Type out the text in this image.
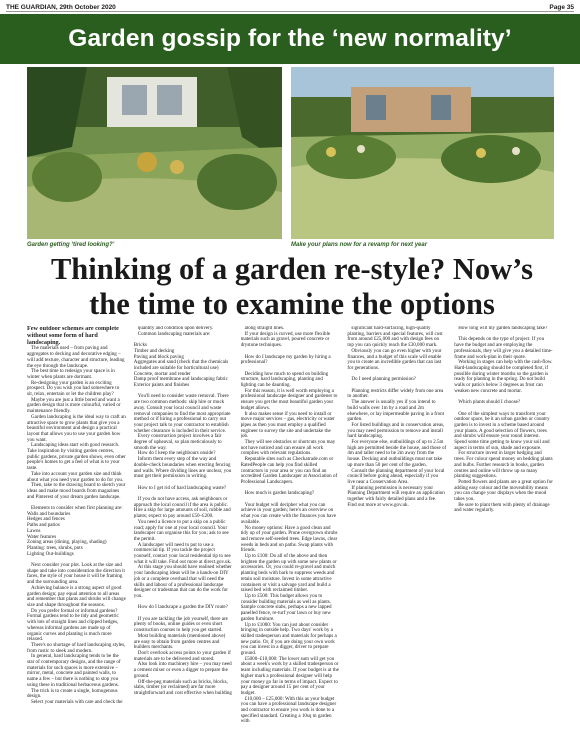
THE GUARDIAN, 29th October 2020	Page 35
Garden gossip for the ‘new normality’
Garden getting ‘tired looking?’	Make your plans now for a revamp for next year
Thinking of a garden re-style? Now’s the time to examine the options

Few outdoor schemes are complete without some form of hard landscaping.

The materials used – from paving and aggregates to decking and decorative edging – will add texture, character and structure, leading the eye through the landscape.

The best time to redesign your space is in winter when plants are dormant.

Re-designing your garden is an exciting prospect. Do you wish you had somewhere to sit, relax, entertain or let the children play?

Maybe you are just a little bored and want a garden design that is more colourful, varied or maintenance friendly.

Garden landscaping is the ideal way to craft an attractive space to grow plants that give you a beautiful environment and design a practical layout that allows you to use your garden how you want.

Landscaping ideas start with good research. Take inspiration by visiting garden centres, public gardens, private garden shows, even other people's homes to get a feel of what is to your taste.

Take into account your garden size and think about what you need your garden to do for you.

Then, take to the drawing board to sketch your ideas and make mood boards from magazines and Pinterest of your dream garden landscape.

Elements to consider when first planning are:

Walls and boundaries

Hedges and fences

Paths and patios

Lawns

Water features

Zoning areas (dining, playing, shading)

Planting: trees, shrubs, pots

Lighting Out-buildings

Next consider your plot. Look at the size and shape and take into consideration the direction it faces, the style of your house it will be framing and the surrounding area.

Achieving balance is a strong aspect of good garden design; pay equal attention to all areas and remember that plants and shrubs will change size and shape throughout the seasons.

Do you prefer formal or informal gardens? Formal gardens tend to be tidy and geometric with lots of straight lines and clipped hedges, whereas informal gardens are made up of organic curves and planting is much more relaxed.

There's no shortage of hard landscaping styles, from rustic to sleek and modern.

In general, hard landscaping tends to be the star of contemporary designs, and the range of materials for such spaces is more extensive – mirror, metal, concrete and painted walls, to name a few – but there is nothing to stop you using these in traditional herbaceous gardens.

The trick is to create a single, homogenous design.

Select your materials with care and check the

quantity and condition upon delivery.

Common landscaping materials are:

Bricks

Timber and decking

Paving and block paving

Aggregates and sand (check that the chemicals included are suitable for horticultural use)

Concrete, mortar and render

Damp proof membrane and landscaping fabric

Exterior paints and finishes

You'll need to consider waste removal. There are two common methods: skip hire or muck away. Consult your local council and waste removal companies to find the most appropriate method or if hiring a professional to carry out your project talk to your contractor to establish whether clearance is included in their service.

Every construction project involves a fair degree of upheaval, so plan meticulously to smooth the way.

How do I keep the neighbours onside?

Inform them every step of the way and double-check boundaries when erecting fencing and walls. Where dividing lines are unclear, you must get their permission in writing.

How to I get rid of hard landscaping waste?

If you do not have access, ask neighbours or approach the local council if the area is public. Hire a skip for large amounts of soil, rubble and plants; expect to pay around £50–£200.

You need a licence to put a skip on a public road; apply for one at your local council. Your landscaper can organise this for you; ask to see the permit.

A landscaper will need to put to use a commercial tip. If you tackle the project yourself, contact your local residential tip to see what it will take. Find out more at direct.gov.uk.

At this stage you should have realised whether your landscaping ideas will be a hands-on DIY job or a complete overhaul that will need the skills and labour of a professional landscape designer or tradesman that can do the work for you.

How do I landscape a garden the DIY route?

If you are tackling the job yourself, there are plenty of books, online guides or even short construction courses to help you get started.

Most building materials (mentioned above) are easy to obtain from garden centres and builders merchants.

Don't overlook access points to your garden if materials are to be delivered and stored.

Also look into machinery hire – you may need a cement mixer or even a digger to prepare the ground.

Off-the-peg materials such as bricks, blocks, slabs, timber (or reclaimed) are far more straightforward and cost effective when building

along straight lines.

If your design is curved, use more flexible materials such as gravel, poured concrete or drystone techniques.

How do I landscape my garden by hiring a professional?

Deciding how much to spend on building structure, hard landscaping, planting and lighting can be daunting.

For this reason, it is well worth employing a professional landscape designer and gardener to ensure you get the most beautiful garden your budget allows.

It also makes sense if you need to install or move major services – gas, electricity or water pipes as then you must employ a qualified engineer to survey the site and undertake the job.

They will see obstacles or shortcuts you may not have noticed and can ensure all work complies with relevant regulations.

Reputable sites such as Checkatrade.com or RatedPeople can help you find skilled contractors in your area or you can find an accredited Garden Landscaper at Association of Professional Landscapers.

How much is garden landscaping?

Your budget will decipher what you can achieve in your garden; here's an overview on what you can create with the finances you have available.

No money options: Have a good clean and tidy up of your garden. Prune overgrown shrubs and remove self-seeded trees. Edge lawns, clear weeds in beds and on paths. Swap plants with friends.

Up to £100: Do all of the above and then brighten the garden up with some new plants or accessories. Or, you could re-gravel and mulch planting beds with bark to suppress weeds and retain soil moisture. Invest in some attractive containers or visit a salvage yard and build a raised bed with reclaimed timber.

Up to £500: This budget allows you to consider building materials as well as plants. Sample concrete slabs, perhaps a new lapped panelled fence, re-turf your lawn or buy new garden furniture.

Up to £1000: You can just about consider bringing in outside help. Two days' work by a skilled tradesperson and materials for perhaps a new patio. Or, if you are doing your own work you can invest in a digger, driver to prepare ground.

£5000–£10,000: The lower sum will get you about a week's work by a skilled tradesperson or team including materials. If your budget is at the higher mark a professional designer will help your money go far in terms of impact. Expect to pay a designer around 15 per cent of your budget.

£10,000 – £25,000: With this as your budget you can have a professional landscape designer and contractor to ensure you work is done to a specified standard. Creating a 10sq m garden with

significant hard-surfacing, high-quality planting, barriers and special features, will cost from around £25,000 and with design fees on top you can quickly reach the £30,000 mark.

Obviously you can go even higher with your finances, and a budget of this scale will enable you to create an incredible garden that can last for generations.

Do I need planning permission?

Planning restricts differ widely from one area to another.

The answer is usually yes if you intend to build walls over 1m by a road and 2m elsewhere, or lay impermeable paving in a front garden.

For listed buildings and in conservation areas, you may need permission to remove and install hard landscaping.

For everyone else, outbuildings of up to 2.5m high are permitted beside the house, and those of 4m and taller need to be 2m away from the house. Decking and outbuildings must not take up more than 50 per cent of the garden.

Consult the planning department of your local council before going ahead, especially if you live near a Conservation Area.

If planning permission is necessary your Planning Department will require an application together with fairly detailed plans and a fee. Find out more at www.gov.uk.

How long will my garden landscaping take?

This depends on the type of project. If you have the budget and are employing the professionals, they will give you a detailed time-frame and work-plan in their quote.

Working in stages can help with the cash-flow. Hard-landscaping should be completed first, if possible during winter months so the garden is ready for planting in the spring. Do not build walls or patio's below 3 degrees as frost can weaken new concrete and mortar.

Which plants should I choose?

One of the simplest ways to transform your outdoor space, be it an urban garden or country garden is to invest in a scheme based around your plants. A good selection of flowers, trees and shrubs will ensure year round interest. Spend some time getting to know your soil and aspect in terms of sun, shade and exposure.

For structure invest in larger hedging and trees. For colour spend money on bedding plants and bulbs. Further research in books, garden centres and online will throw up so many planting suggestions.

Potted flowers and plants are a great option for adding easy colour and the moveability means you can change your displays when the mood takes you.

Be sure to plant them with plenty of drainage and water regularly.
